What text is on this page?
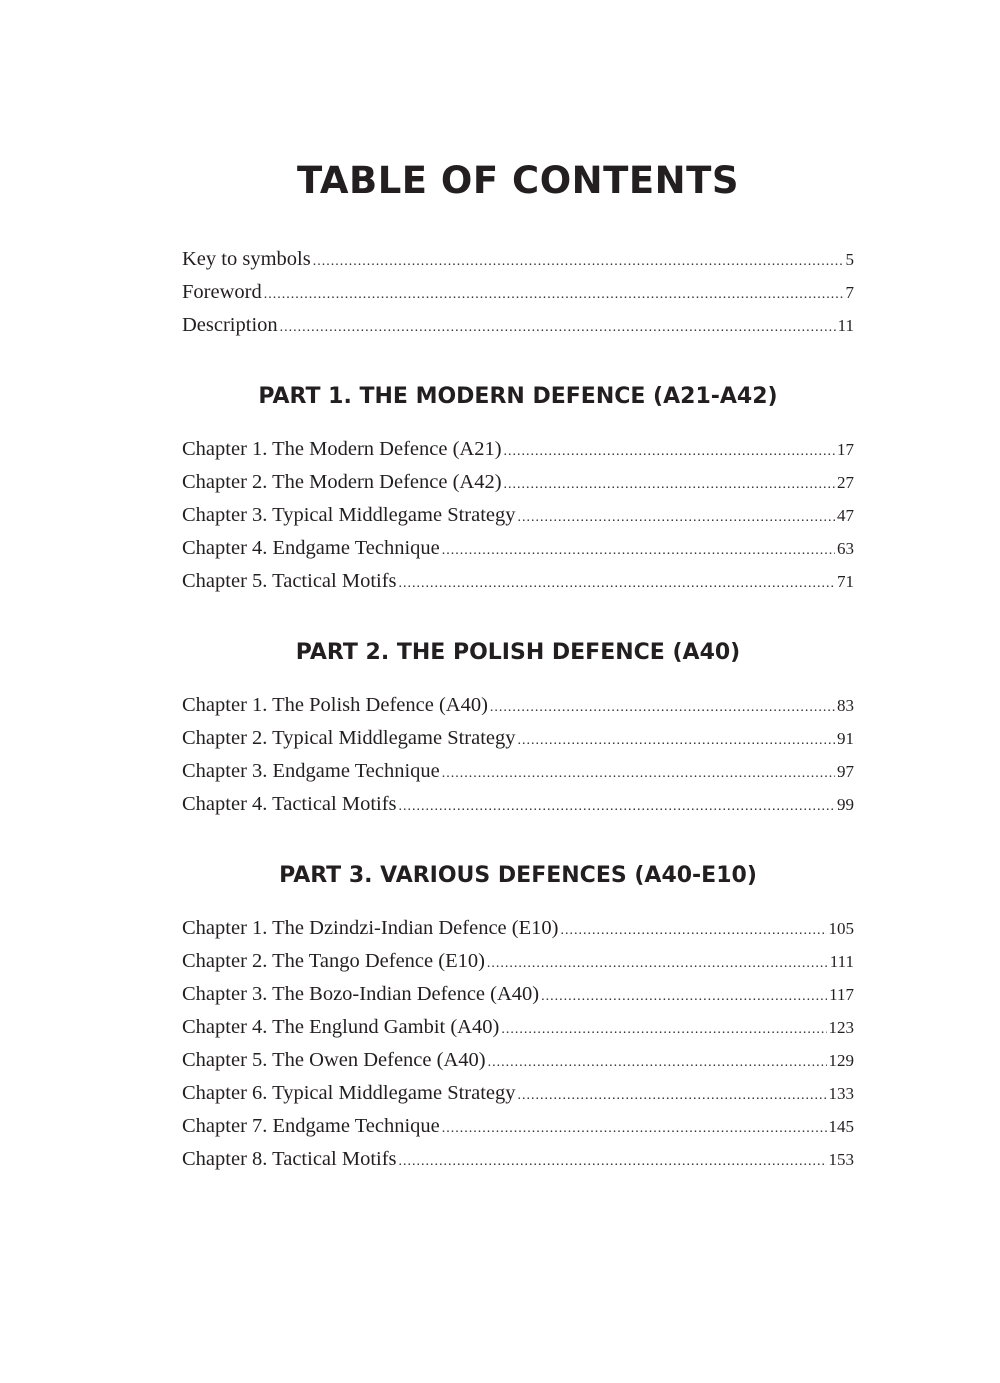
TABLE OF CONTENTS
Key to symbols .....	5
Foreword .....	7
Description .....	11
PART 1. THE MODERN DEFENCE (A21-A42)
Chapter 1. The Modern Defence (A21) .....	17
Chapter 2. The Modern Defence (A42) .....	27
Chapter 3. Typical Middlegame Strategy .....	47
Chapter 4. Endgame Technique .....	63
Chapter 5. Tactical Motifs .....	71
PART 2. THE POLISH DEFENCE (A40)
Chapter 1. The Polish Defence (A40) .....	83
Chapter 2. Typical Middlegame Strategy .....	91
Chapter 3. Endgame Technique .....	97
Chapter 4. Tactical Motifs .....	99
PART 3. VARIOUS DEFENCES (A40-E10)
Chapter 1. The Dzindzi-Indian Defence (E10) .....	105
Chapter 2. The Tango Defence (E10) .....	111
Chapter 3. The Bozo-Indian Defence (A40) .....	117
Chapter 4. The Englund Gambit (A40) .....	123
Chapter 5. The Owen Defence (A40) .....	129
Chapter 6. Typical Middlegame Strategy .....	133
Chapter 7. Endgame Technique .....	145
Chapter 8. Tactical Motifs .....	153
